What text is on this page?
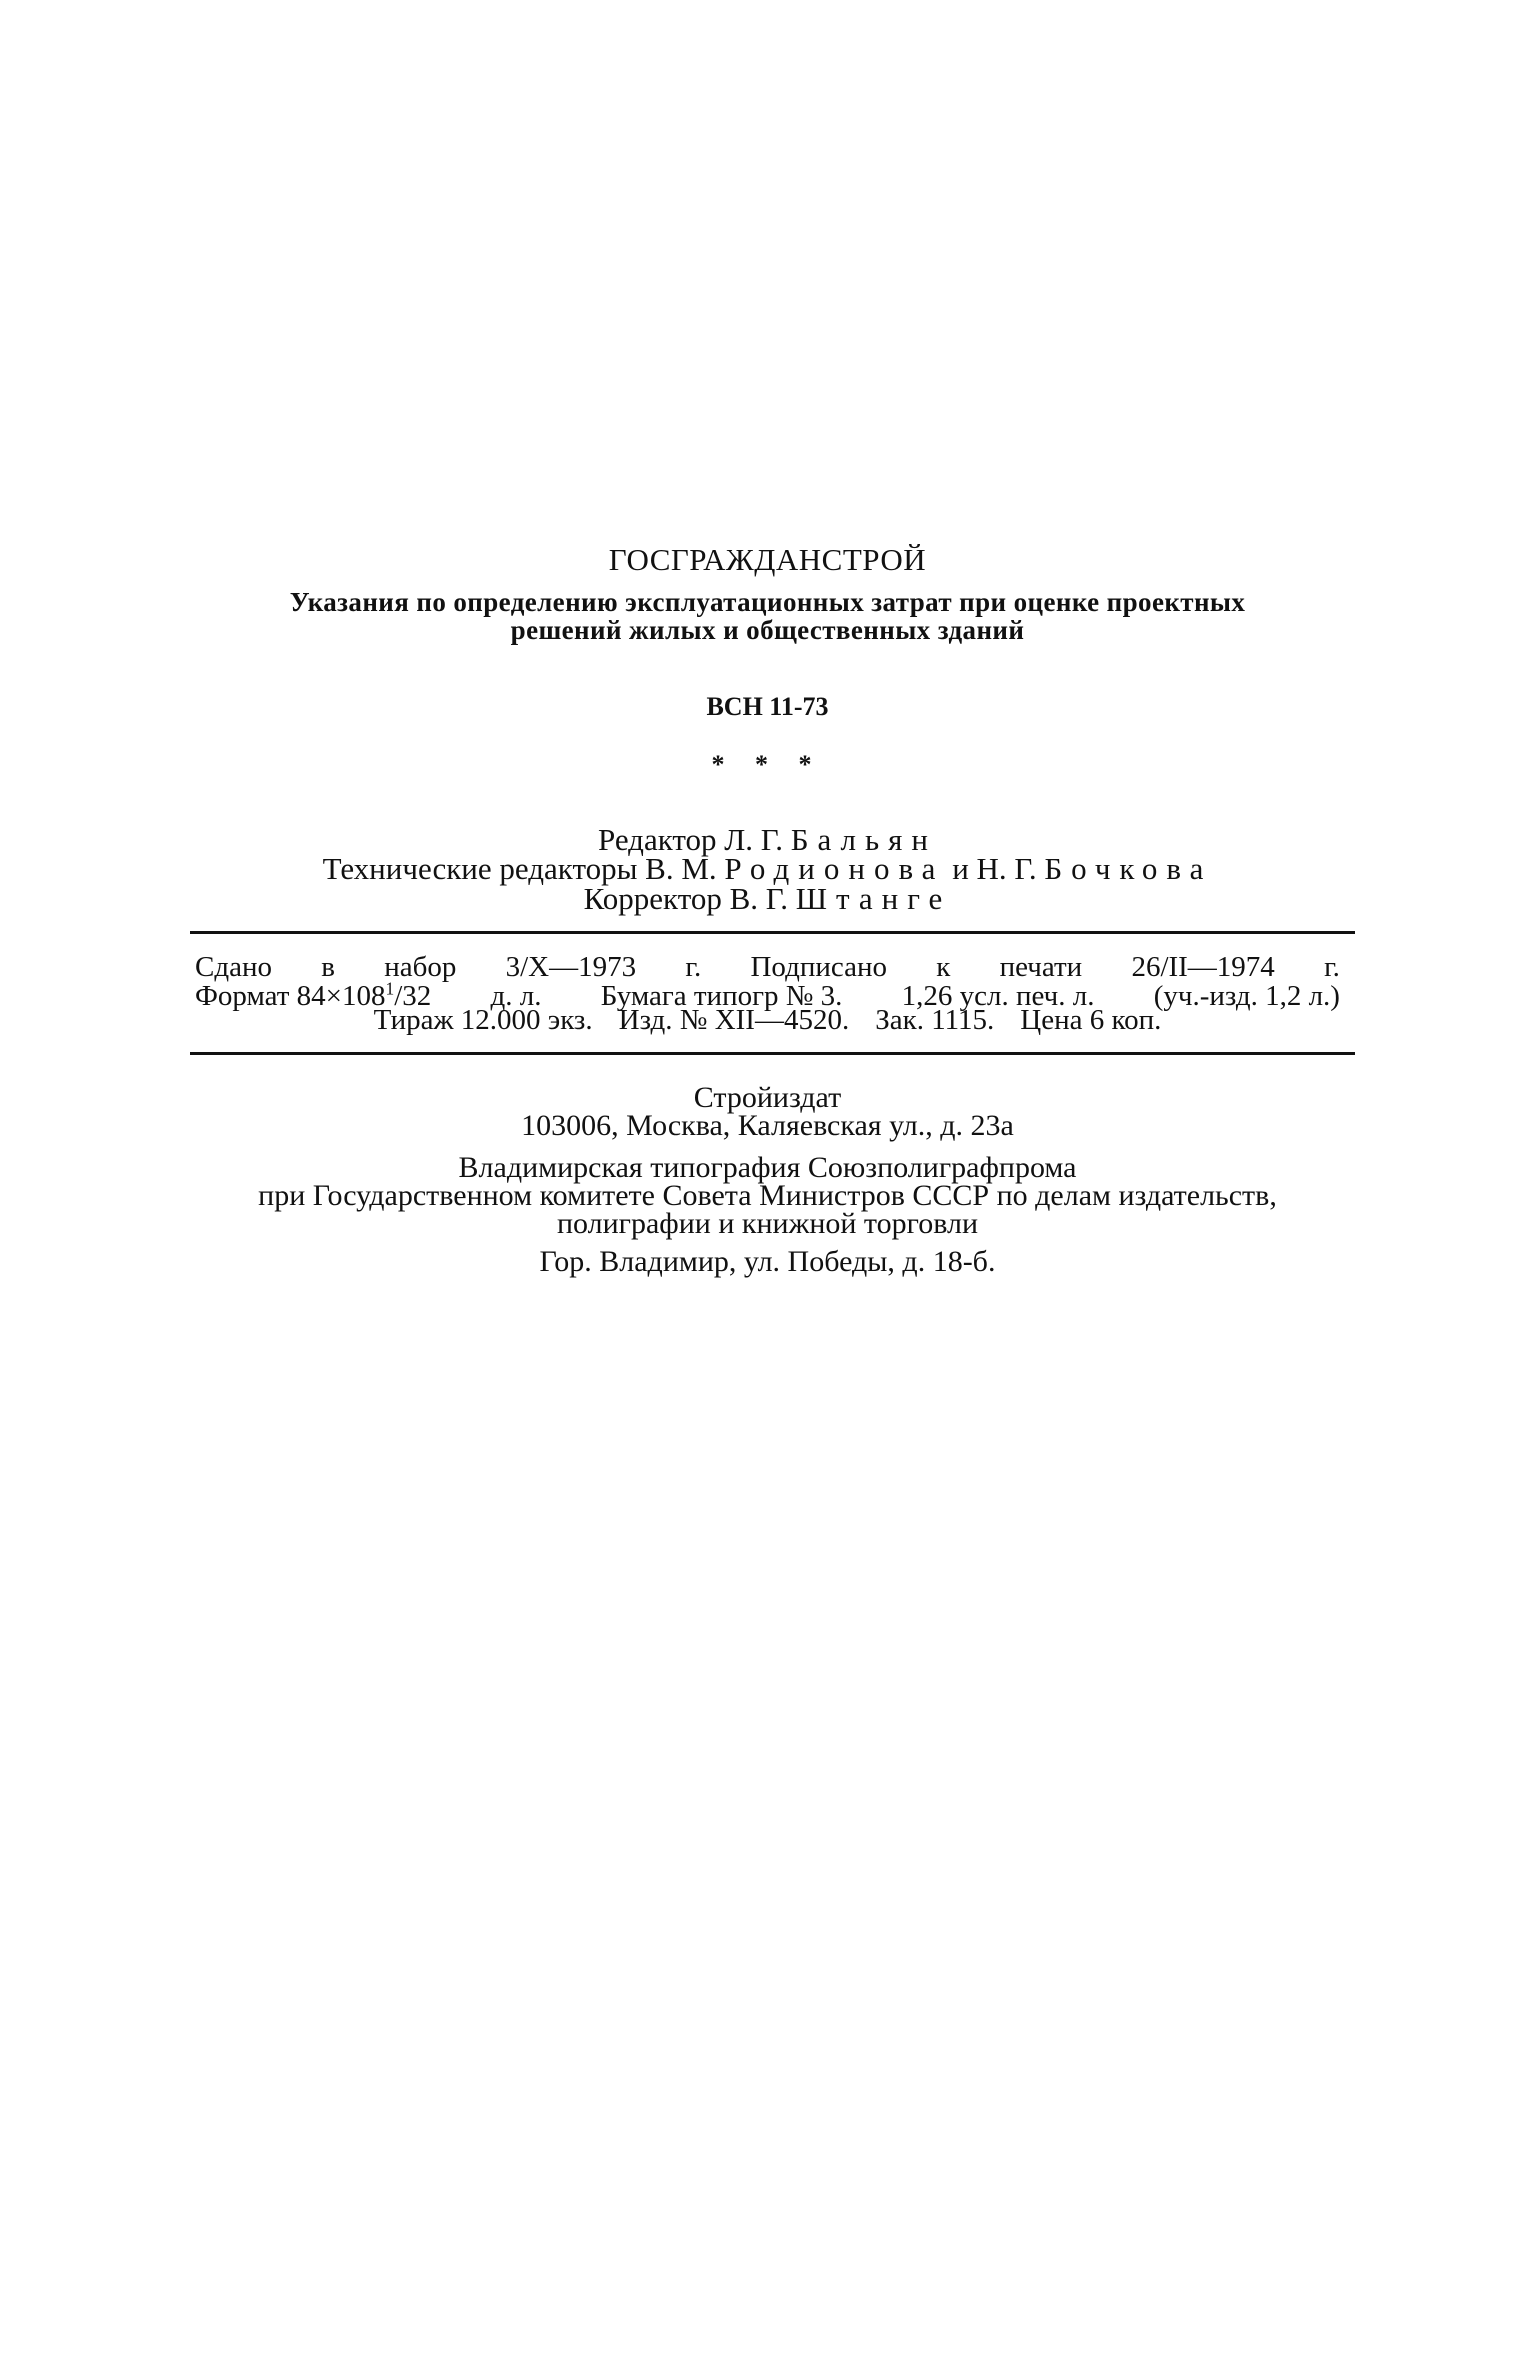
ГОСГРАЖДАНСТРОЙ
Указания по определению эксплуатационных затрат при оценке проектных
решений жилых и общественных зданий
ВСН 11-73
* * *
Редактор Л. Г. Бальян
Технические редакторы В. М. Родионова и Н. Г. Бочкова
Корректор В. Г. Штанге
Сдано в набор 3/X—1973 г. Подписано к печати 26/II—1974 г.
Формат $84\times 108^1/32$ д. л. Бумага типогр № 3. 1,26 усл. печ. л. (уч.-изд. 1,2 л.)
Тираж 12.000 экз. Изд. № XII—4520. Зак. 1115. Цена 6 коп.
Стройиздат
103006, Москва, Каляевская ул., д. 23а
Владимирская типография Союзполиграфпрома
при Государственном комитете Совета Министров СССР по делам издательств,
полиграфии и книжной торговли
Гор. Владимир, ул. Победы, д. 18-б.
